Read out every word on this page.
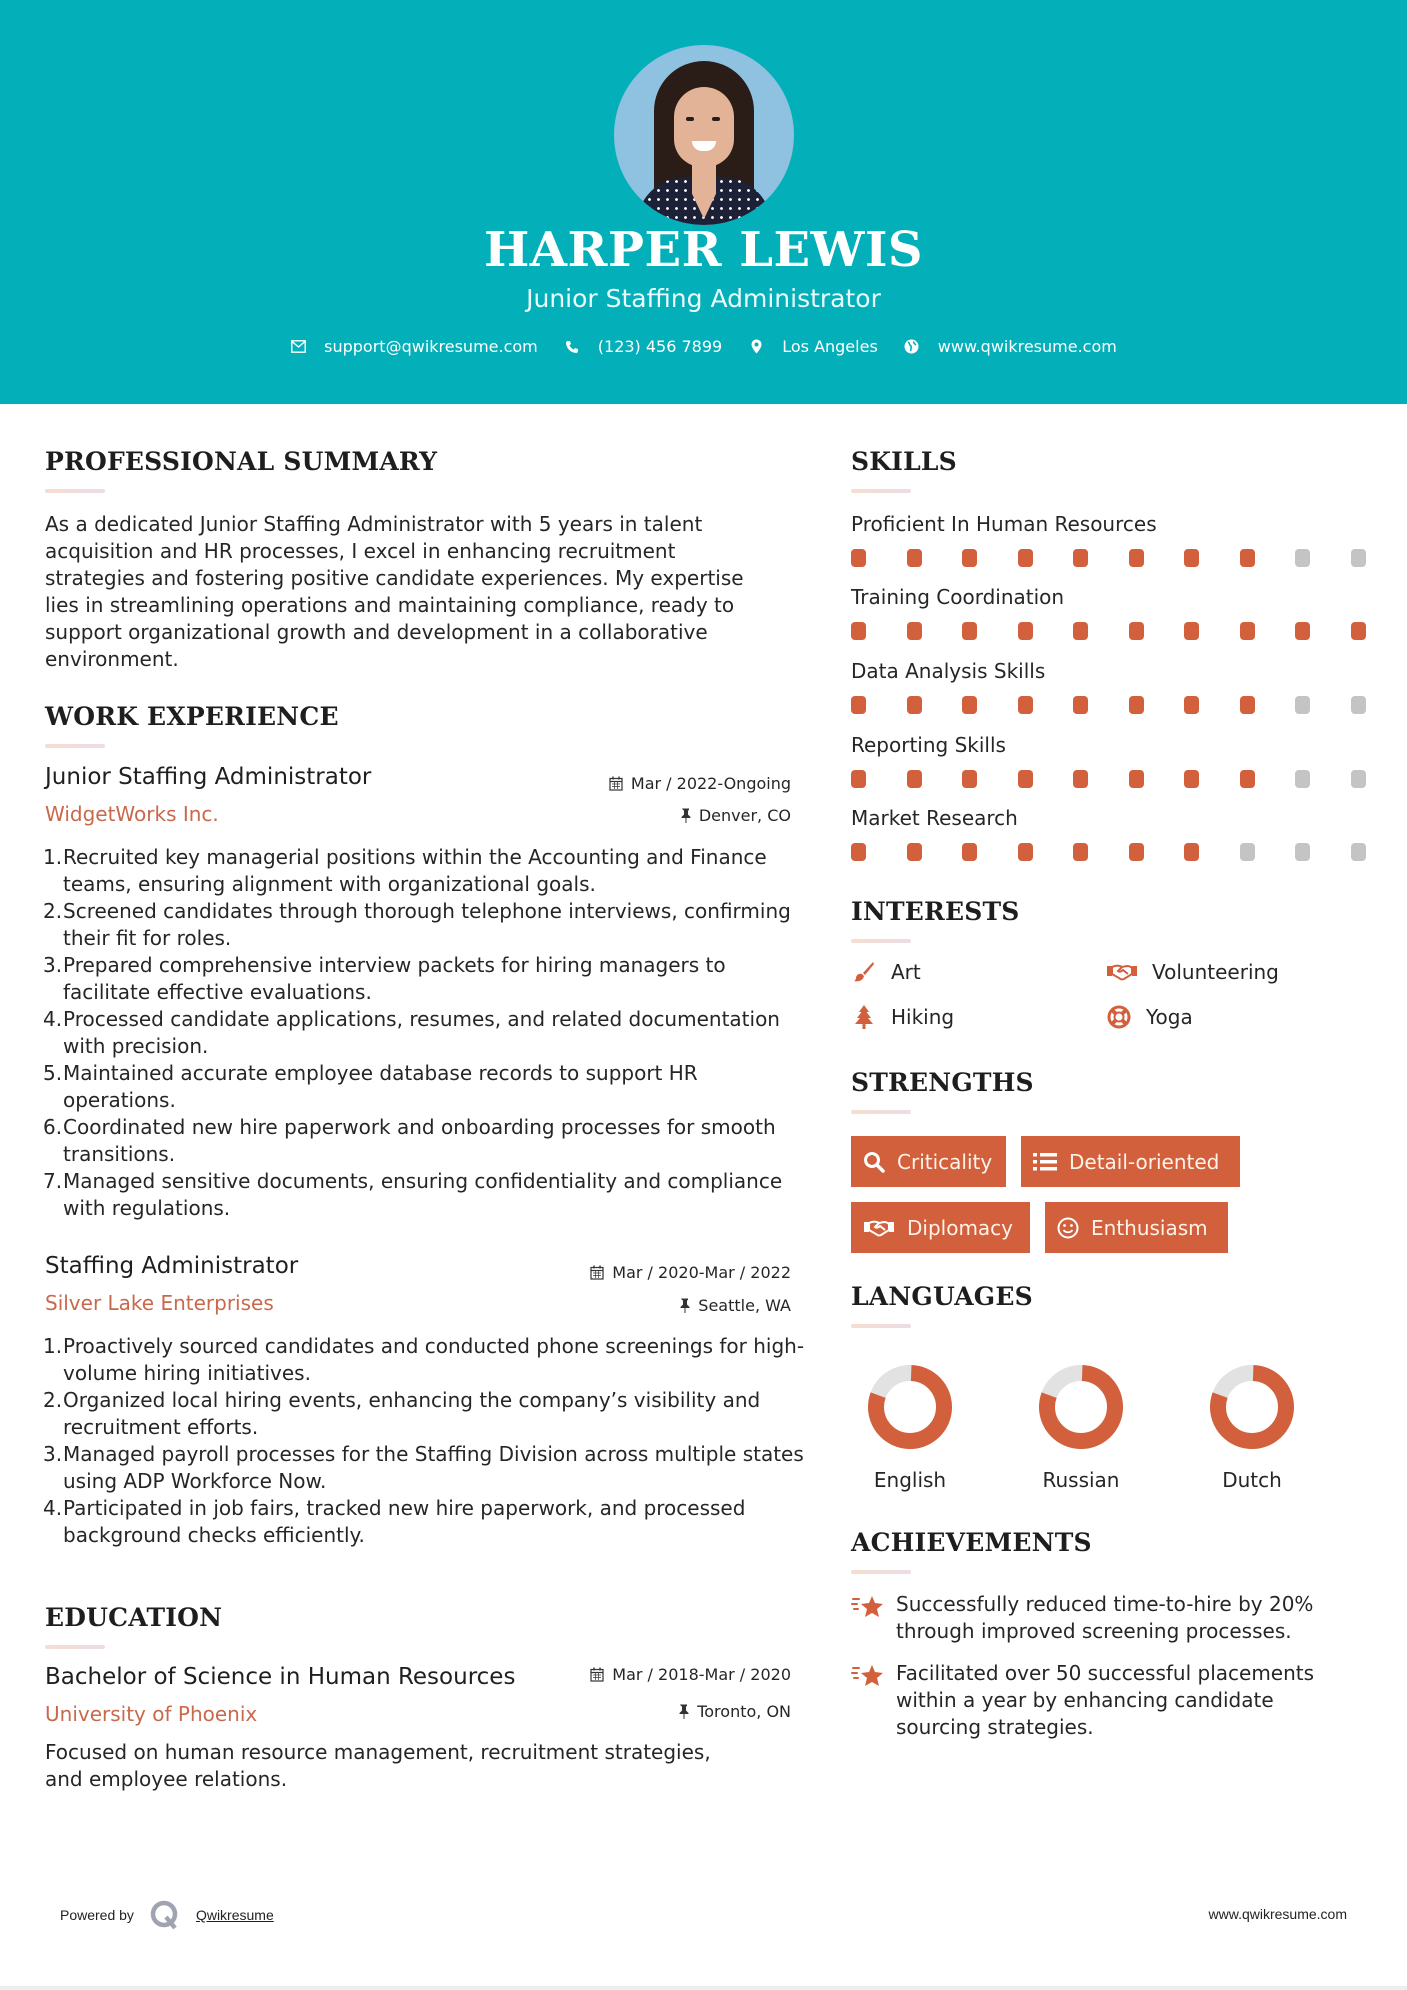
HARPER LEWIS
Junior Staffing Administrator
support@qwikresume.com	(123) 456 7899	Los Angeles	www.qwikresume.com
PROFESSIONAL SUMMARY
As a dedicated Junior Staffing Administrator with 5 years in talent
acquisition and HR processes, I excel in enhancing recruitment
strategies and fostering positive candidate experiences. My expertise
lies in streamlining operations and maintaining compliance, ready to
support organizational growth and development in a collaborative
environment.
WORK EXPERIENCE
Junior Staffing Administrator	Mar / 2022-Ongoing
WidgetWorks Inc.	Denver, CO
Recruited key managerial positions within the Accounting and Finance teams, ensuring alignment with organizational goals.
Screened candidates through thorough telephone interviews, confirming their fit for roles.
Prepared comprehensive interview packets for hiring managers to facilitate effective evaluations.
Processed candidate applications, resumes, and related documentation with precision.
Maintained accurate employee database records to support HR operations.
Coordinated new hire paperwork and onboarding processes for smooth transitions.
Managed sensitive documents, ensuring confidentiality and compliance with regulations.
Staffing Administrator	Mar / 2020-Mar / 2022
Silver Lake Enterprises	Seattle, WA
Proactively sourced candidates and conducted phone screenings for high-volume hiring initiatives.
Organized local hiring events, enhancing the company’s visibility and recruitment efforts.
Managed payroll processes for the Staffing Division across multiple states using ADP Workforce Now.
Participated in job fairs, tracked new hire paperwork, and processed background checks efficiently.
EDUCATION
Bachelor of Science in Human Resources	Mar / 2018-Mar / 2020
University of Phoenix	Toronto, ON
Focused on human resource management, recruitment strategies,
and employee relations.
SKILLS
Proficient In Human Resources
Training Coordination
Data Analysis Skills
Reporting Skills
Market Research
INTERESTS
Art	Volunteering
Hiking	Yoga
STRENGTHS
Criticality	Detail-oriented
Diplomacy	Enthusiasm
LANGUAGES
English	Russian	Dutch
ACHIEVEMENTS
Successfully reduced time-to-hire by 20%
through improved screening processes.
Facilitated over 50 successful placements
within a year by enhancing candidate
sourcing strategies.
Powered by	Qwikresume	www.qwikresume.com
